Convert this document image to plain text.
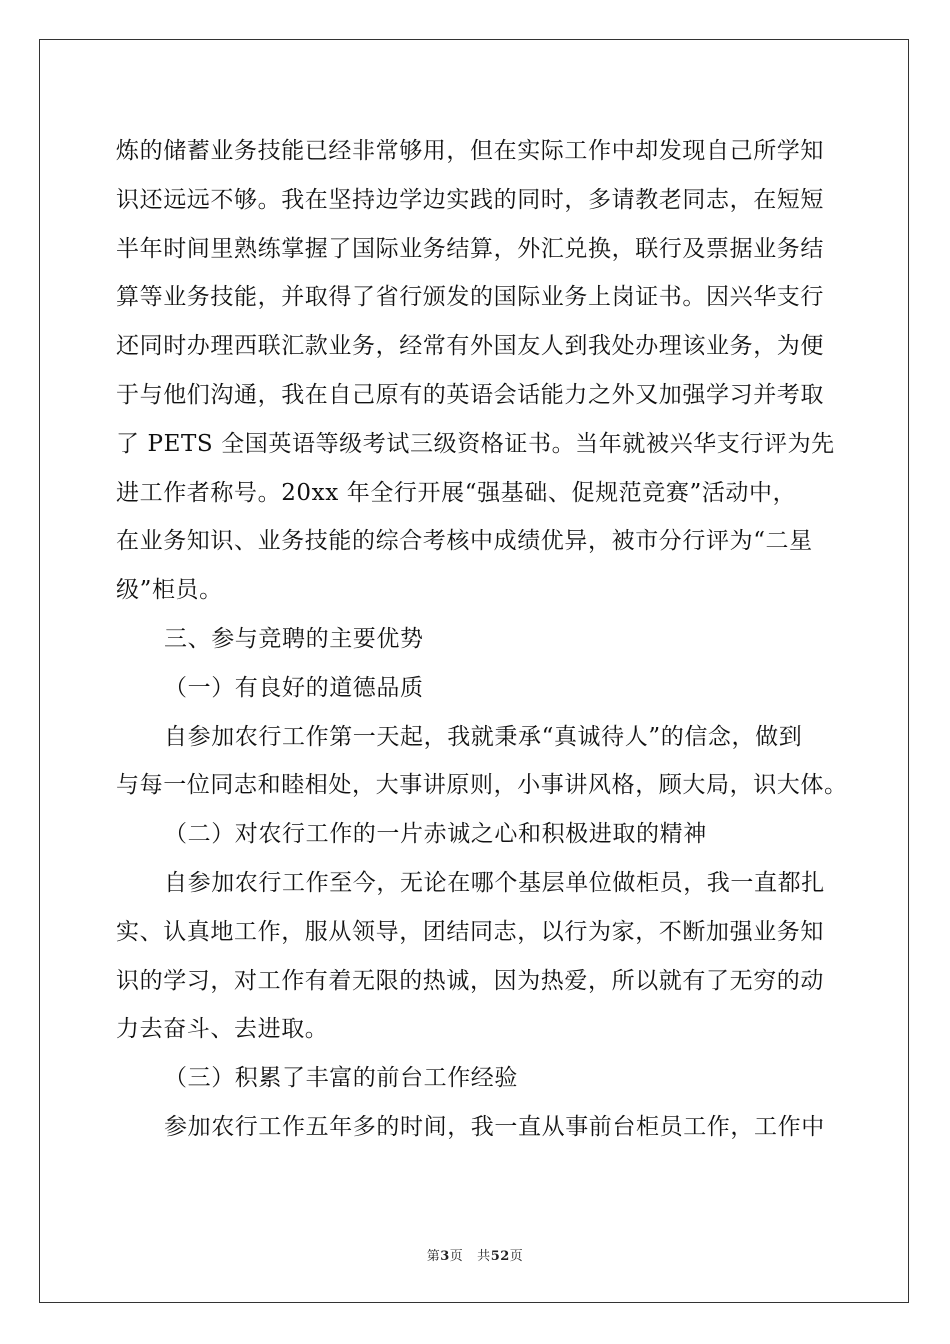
炼的储蓄业务技能已经非常够用，但在实际工作中却发现自己所学知

识还远远不够。我在坚持边学边实践的同时，多请教老同志，在短短

半年时间里熟练掌握了国际业务结算，外汇兑换，联行及票据业务结

算等业务技能，并取得了省行颁发的国际业务上岗证书。因兴华支行

还同时办理西联汇款业务，经常有外国友人到我处办理该业务，为便

于与他们沟通，我在自己原有的英语会话能力之外又加强学习并考取

了 PETS 全国英语等级考试三级资格证书。当年就被兴华支行评为先

进工作者称号。20xx 年全行开展“强基础、促规范竞赛”活动中，

在业务知识、业务技能的综合考核中成绩优异，被市分行评为“二星

级”柜员。

三、参与竞聘的主要优势

（一）有良好的道德品质

自参加农行工作第一天起，我就秉承“真诚待人”的信念，做到

与每一位同志和睦相处，大事讲原则，小事讲风格，顾大局，识大体。

（二）对农行工作的一片赤诚之心和积极进取的精神

自参加农行工作至今，无论在哪个基层单位做柜员，我一直都扎

实、认真地工作，服从领导，团结同志，以行为家，不断加强业务知

识的学习，对工作有着无限的热诚，因为热爱，所以就有了无穷的动

力去奋斗、去进取。

（三）积累了丰富的前台工作经验

参加农行工作五年多的时间，我一直从事前台柜员工作，工作中

第3页 共52页
